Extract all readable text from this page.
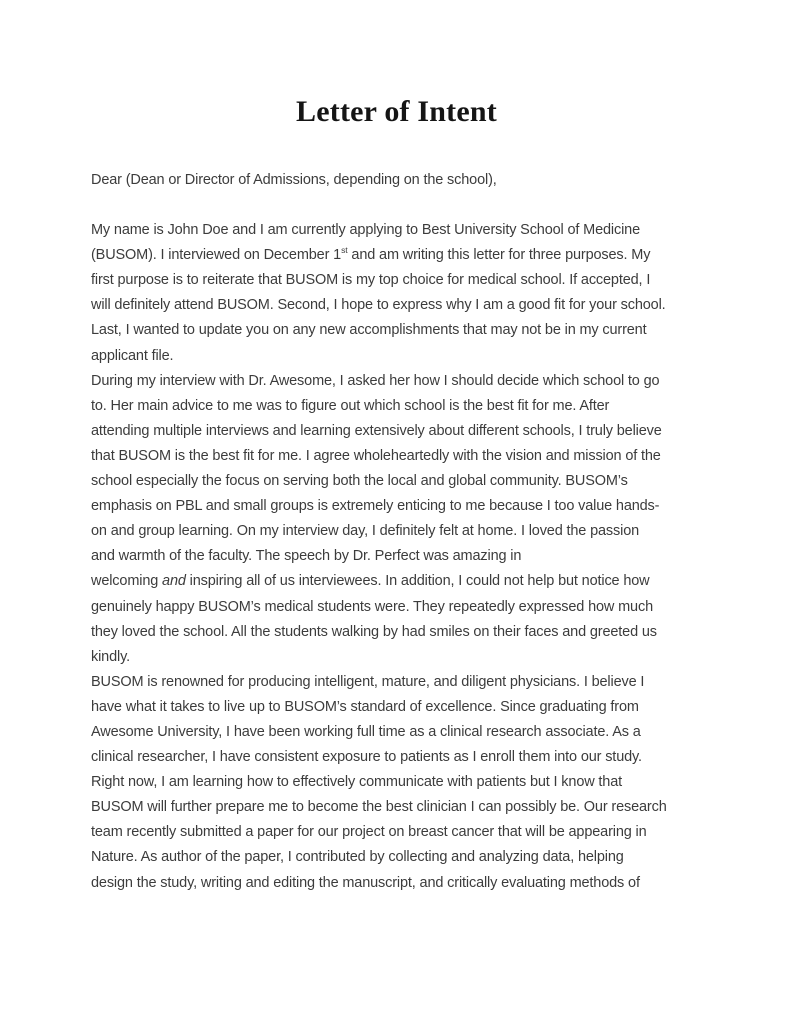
Letter of Intent
Dear (Dean or Director of Admissions, depending on the school),
My name is John Doe and I am currently applying to Best University School of Medicine
(BUSOM). I interviewed on December 1st and am writing this letter for three purposes. My
first purpose is to reiterate that BUSOM is my top choice for medical school. If accepted, I
will definitely attend BUSOM. Second, I hope to express why I am a good fit for your school.
Last, I wanted to update you on any new accomplishments that may not be in my current
applicant file.
During my interview with Dr. Awesome, I asked her how I should decide which school to go
to. Her main advice to me was to figure out which school is the best fit for me. After
attending multiple interviews and learning extensively about different schools, I truly believe
that BUSOM is the best fit for me. I agree wholeheartedly with the vision and mission of the
school especially the focus on serving both the local and global community. BUSOM’s
emphasis on PBL and small groups is extremely enticing to me because I too value hands-
on and group learning. On my interview day, I definitely felt at home. I loved the passion
and warmth of the faculty. The speech by Dr. Perfect was amazing in
welcoming and inspiring all of us interviewees. In addition, I could not help but notice how
genuinely happy BUSOM’s medical students were. They repeatedly expressed how much
they loved the school. All the students walking by had smiles on their faces and greeted us
kindly.
BUSOM is renowned for producing intelligent, mature, and diligent physicians. I believe I
have what it takes to live up to BUSOM’s standard of excellence. Since graduating from
Awesome University, I have been working full time as a clinical research associate. As a
clinical researcher, I have consistent exposure to patients as I enroll them into our study.
Right now, I am learning how to effectively communicate with patients but I know that
BUSOM will further prepare me to become the best clinician I can possibly be. Our research
team recently submitted a paper for our project on breast cancer that will be appearing in
Nature. As author of the paper, I contributed by collecting and analyzing data, helping
design the study, writing and editing the manuscript, and critically evaluating methods of
